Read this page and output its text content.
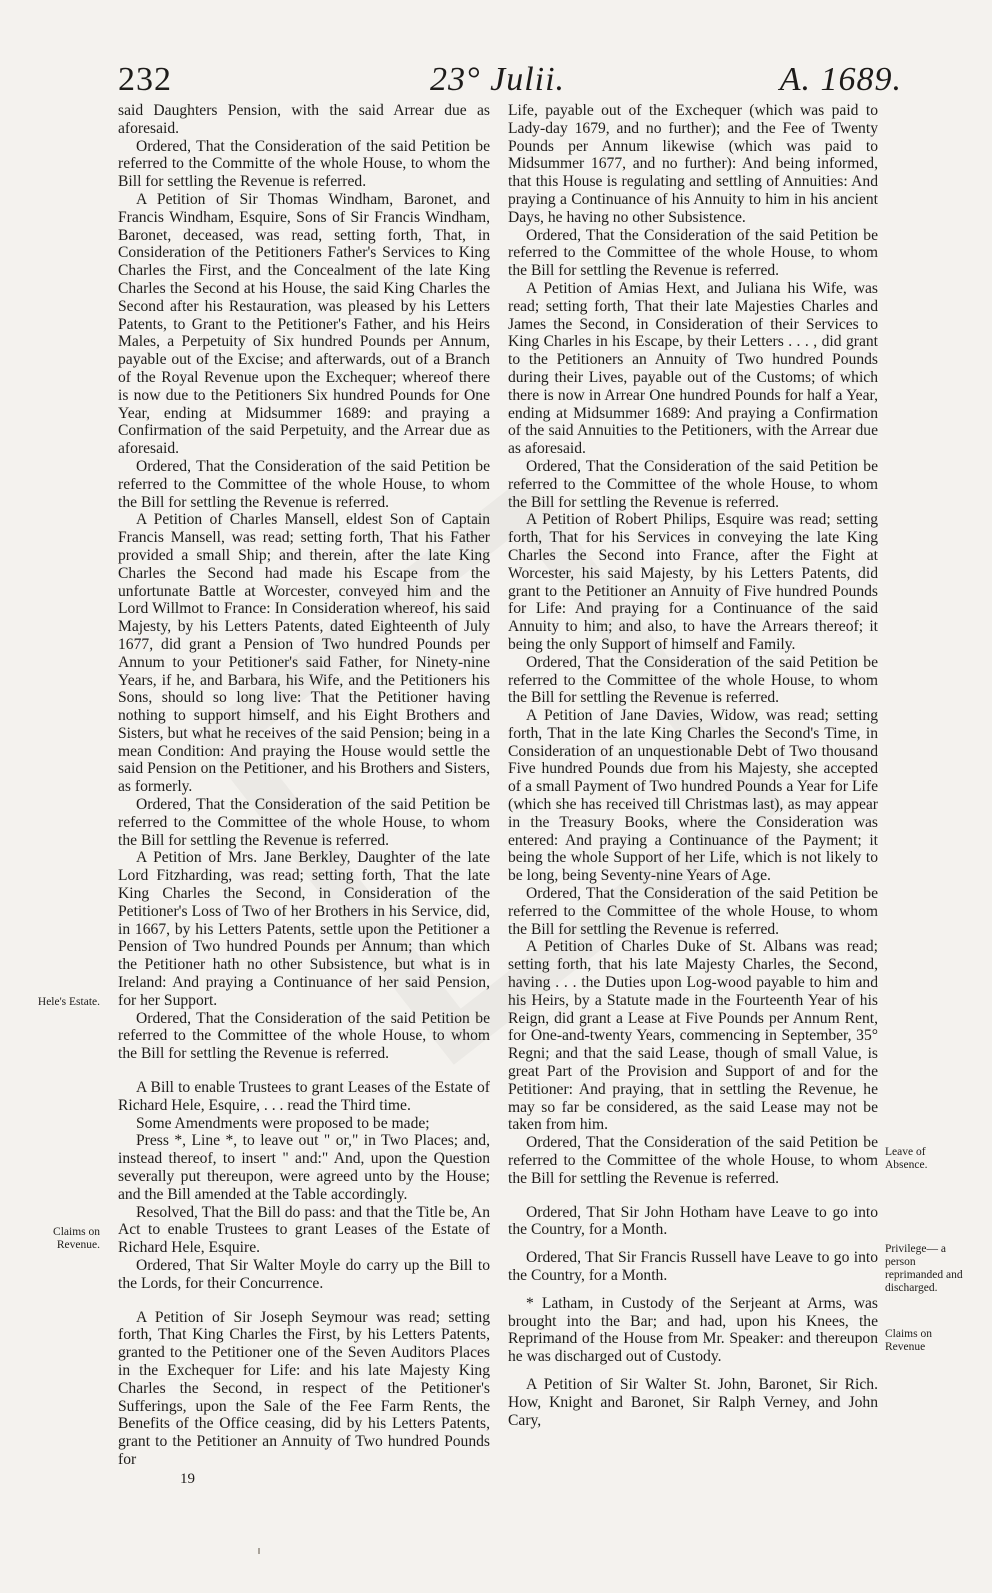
232	23° Julii.	A. 1689.

said Daughters Pension, with the said Arrear due as aforesaid.

Ordered, That the Consideration of the said Petition be referred to the Committe of the whole House, to whom the Bill for settling the Revenue is referred.

A Petition of Sir Thomas Windham, Baronet, and Francis Windham, Esquire, Sons of Sir Francis Windham, Baronet, deceased, was read, setting forth, That, in Consideration of the Petitioners Father's Services to King Charles the First, and the Concealment of the late King Charles the Second at his House, the said King Charles the Second after his Restauration, was pleased by his Letters Patents, to Grant to the Petitioner's Father, and his Heirs Males, a Perpetuity of Six hundred Pounds per Annum, payable out of the Excise; and afterwards, out of a Branch of the Royal Revenue upon the Exchequer; whereof there is now due to the Petitioners Six hundred Pounds for One Year, ending at Midsummer 1689: and praying a Confirmation of the said Perpetuity, and the Arrear due as aforesaid.

Ordered, That the Consideration of the said Petition be referred to the Committee of the whole House, to whom the Bill for settling the Revenue is referred.

A Petition of Charles Mansell, eldest Son of Captain Francis Mansell, was read; setting forth, That his Father provided a small Ship; and therein, after the late King Charles the Second had made his Escape from the unfortunate Battle at Worcester, conveyed him and the Lord Willmot to France: In Consideration whereof, his said Majesty, by his Letters Patents, dated Eighteenth of July 1677, did grant a Pension of Two hundred Pounds per Annum to your Petitioner's said Father, for Ninety-nine Years, if he, and Barbara, his Wife, and the Petitioners his Sons, should so long live: That the Petitioner having nothing to support himself, and his Eight Brothers and Sisters, but what he receives of the said Pension; being in a mean Condition: And praying the House would settle the said Pension on the Petitioner, and his Brothers and Sisters, as formerly.

Ordered, That the Consideration of the said Petition be referred to the Committee of the whole House, to whom the Bill for settling the Revenue is referred.

A Petition of Mrs. Jane Berkley, Daughter of the late Lord Fitzharding, was read; setting forth, That the late King Charles the Second, in Consideration of the Petitioner's Loss of Two of her Brothers in his Service, did, in 1667, by his Letters Patents, settle upon the Petitioner a Pension of Two hundred Pounds per Annum; than which the Petitioner hath no other Subsistence, but what is in Ireland: And praying a Continuance of her said Pension, for her Support.

Ordered, That the Consideration of the said Petition be referred to the Committee of the whole House, to whom the Bill for settling the Revenue is referred.

A Bill to enable Trustees to grant Leases of the Estate of Richard Hele, Esquire, . . . read the Third time.

Some Amendments were proposed to be made;

Press *, Line *, to leave out " or," in Two Places; and, instead thereof, to insert " and:" And, upon the Question severally put thereupon, were agreed unto by the House; and the Bill amended at the Table accordingly.

Resolved, That the Bill do pass: and that the Title be, An Act to enable Trustees to grant Leases of the Estate of Richard Hele, Esquire.

Ordered, That Sir Walter Moyle do carry up the Bill to the Lords, for their Concurrence.

A Petition of Sir Joseph Seymour was read; setting forth, That King Charles the First, by his Letters Patents, granted to the Petitioner one of the Seven Auditors Places in the Exchequer for Life: and his late Majesty King Charles the Second, in respect of the Petitioner's Sufferings, upon the Sale of the Fee Farm Rents, the Benefits of the Office ceasing, did by his Letters Patents, grant to the Petitioner an Annuity of Two hundred Pounds for

19

Life, payable out of the Exchequer (which was paid to Lady-day 1679, and no further); and the Fee of Twenty Pounds per Annum likewise (which was paid to Midsummer 1677, and no further): And being informed, that this House is regulating and settling of Annuities: And praying a Continuance of his Annuity to him in his ancient Days, he having no other Subsistence.

Ordered, That the Consideration of the said Petition be referred to the Committee of the whole House, to whom the Bill for settling the Revenue is referred.

A Petition of Amias Hext, and Juliana his Wife, was read; setting forth, That their late Majesties Charles and James the Second, in Consideration of their Services to King Charles in his Escape, by their Letters . . . , did grant to the Petitioners an Annuity of Two hundred Pounds during their Lives, payable out of the Customs; of which there is now in Arrear One hundred Pounds for half a Year, ending at Midsummer 1689: And praying a Confirmation of the said Annuities to the Petitioners, with the Arrear due as aforesaid.

Ordered, That the Consideration of the said Petition be referred to the Committee of the whole House, to whom the Bill for settling the Revenue is referred.

A Petition of Robert Philips, Esquire was read; setting forth, That for his Services in conveying the late King Charles the Second into France, after the Fight at Worcester, his said Majesty, by his Letters Patents, did grant to the Petitioner an Annuity of Five hundred Pounds for Life: And praying for a Continuance of the said Annuity to him; and also, to have the Arrears thereof; it being the only Support of himself and Family.

Ordered, That the Consideration of the said Petition be referred to the Committee of the whole House, to whom the Bill for settling the Revenue is referred.

A Petition of Jane Davies, Widow, was read; setting forth, That in the late King Charles the Second's Time, in Consideration of an unquestionable Debt of Two thousand Five hundred Pounds due from his Majesty, she accepted of a small Payment of Two hundred Pounds a Year for Life (which she has received till Christmas last), as may appear in the Treasury Books, where the Consideration was entered: And praying a Continuance of the Payment; it being the whole Support of her Life, which is not likely to be long, being Seventy-nine Years of Age.

Ordered, That the Consideration of the said Petition be referred to the Committee of the whole House, to whom the Bill for settling the Revenue is referred.

A Petition of Charles Duke of St. Albans was read; setting forth, that his late Majesty Charles, the Second, having . . . the Duties upon Log-wood payable to him and his Heirs, by a Statute made in the Fourteenth Year of his Reign, did grant a Lease at Five Pounds per Annum Rent, for One-and-twenty Years, commencing in September, 35° Regni; and that the said Lease, though of small Value, is great Part of the Provision and Support of and for the Petitioner: And praying, that in settling the Revenue, he may so far be considered, as the said Lease may not be taken from him.

Ordered, That the Consideration of the said Petition be referred to the Committee of the whole House, to whom the Bill for settling the Revenue is referred.

Ordered, That Sir John Hotham have Leave to go into the Country, for a Month.

Ordered, That Sir Francis Russell have Leave to go into the Country, for a Month.

* Latham, in Custody of the Serjeant at Arms, was brought into the Bar; and had, upon his Knees, the Reprimand of the House from Mr. Speaker: and thereupon he was discharged out of Custody.

A Petition of Sir Walter St. John, Baronet, Sir Rich. How, Knight and Baronet, Sir Ralph Verney, and John Cary,

Hele's Estate.
Claims on Revenue.
Leave of Absence.
Privilege— a person reprimanded and discharged.
Claims on Revenue
